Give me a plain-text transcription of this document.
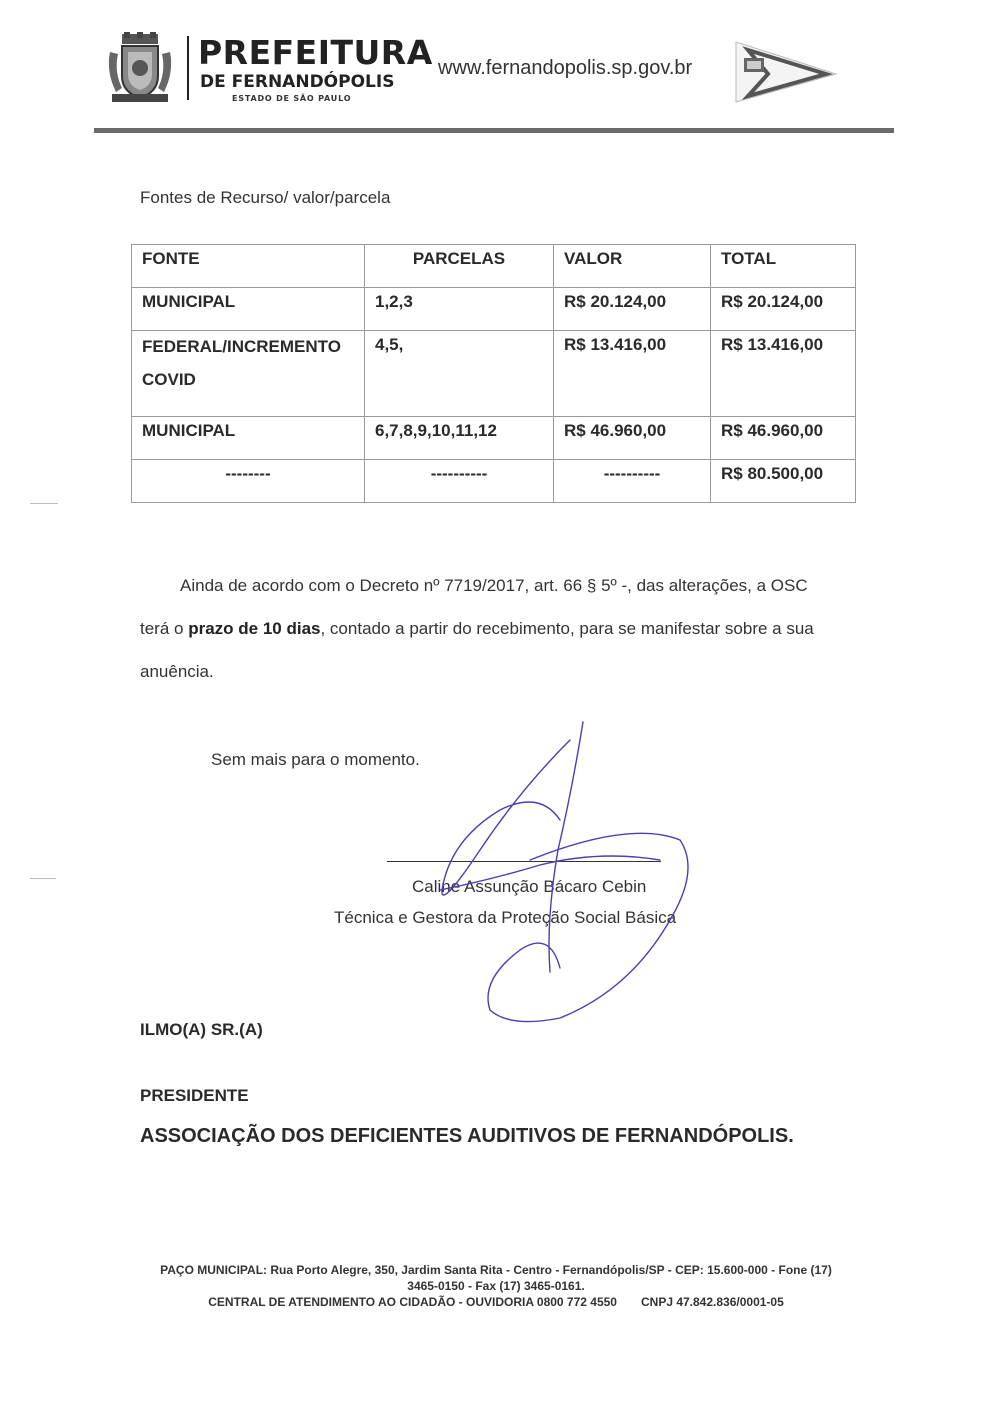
PREFEITURA
DE FERNANDÓPOLIS
ESTADO DE SÃO PAULO
www.fernandopolis.sp.gov.br
Fontes de Recurso/ valor/parcela
FONTE	PARCELAS	VALOR	TOTAL
MUNICIPAL	1,2,3	R$ 20.124,00	R$ 20.124,00

FEDERAL/INCREMENTO
COVID	4,5,	R$ 13.416,00	R$ 13.416,00
MUNICIPAL	6,7,8,9,10,11,12	R$ 46.960,00	R$ 46.960,00
--------	----------	----------	R$ 80.500,00
Ainda de acordo com o Decreto nº 7719/2017, art. 66 § 5º -, das alterações, a OSC terá o prazo de 10 dias, contado a partir do recebimento, para se manifestar sobre a sua anuência.
Sem mais para o momento.
Caline Assunção Bácaro Cebin
Técnica e Gestora da Proteção Social Básica
ILMO(A) SR.(A)
PRESIDENTE
ASSOCIAÇÃO DOS DEFICIENTES AUDITIVOS DE FERNANDÓPOLIS.
PAÇO MUNICIPAL: Rua Porto Alegre, 350, Jardim Santa Rita - Centro - Fernandópolis/SP - CEP: 15.600-000 - Fone (17)
3465-0150 - Fax (17) 3465-0161.
CENTRAL DE ATENDIMENTO AO CIDADÃO - OUVIDORIA 0800 772 4550 CNPJ 47.842.836/0001-05
